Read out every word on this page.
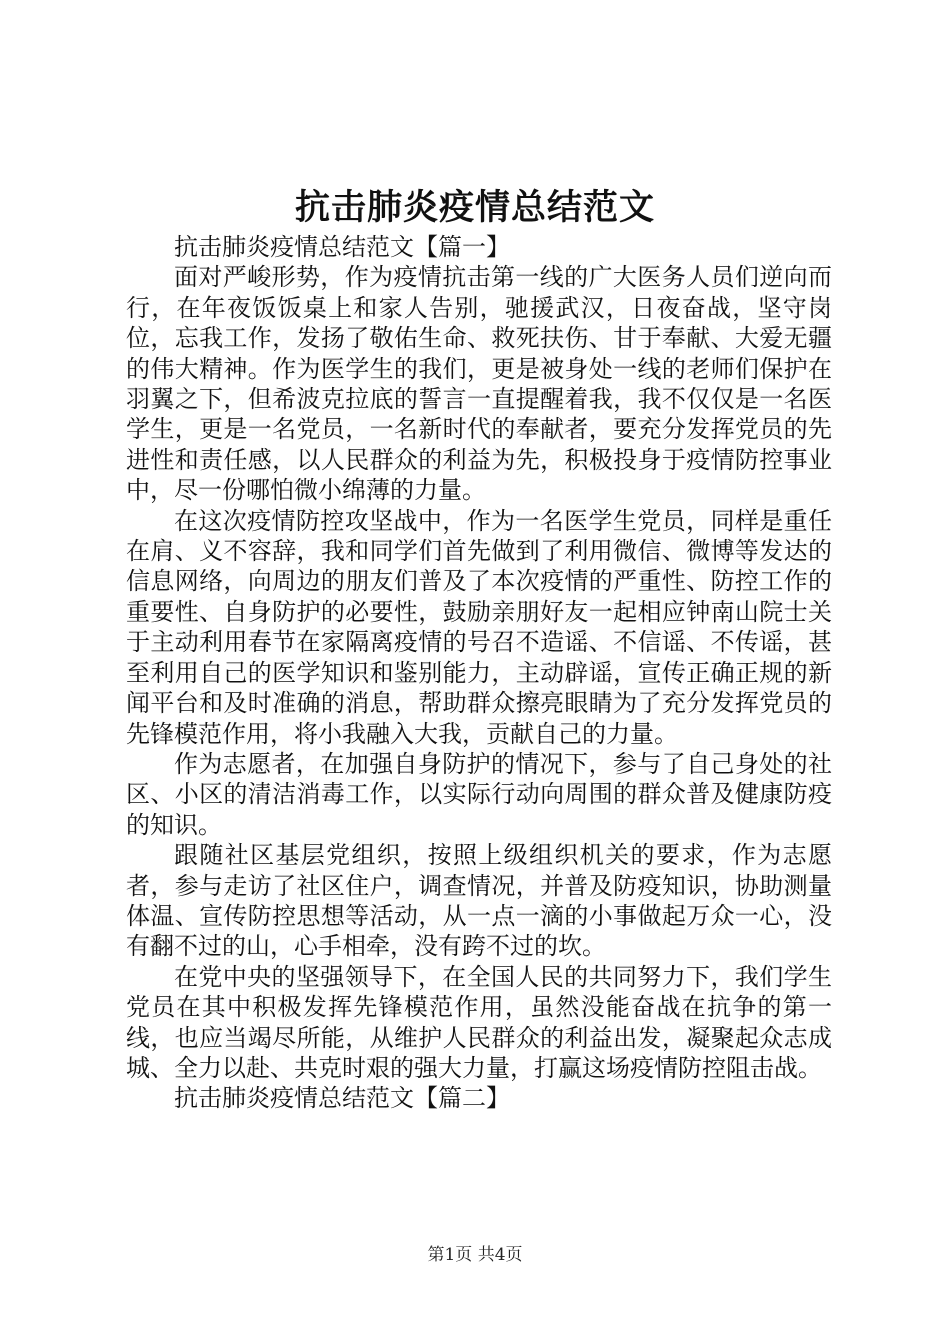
抗击肺炎疫情总结范文

抗击肺炎疫情总结范文【篇一】

面对严峻形势，作为疫情抗击第一线的广大医务人员们逆向而行，在年夜饭饭桌上和家人告别，驰援武汉，日夜奋战，坚守岗位，忘我工作，发扬了敬佑生命、救死扶伤、甘于奉献、大爱无疆的伟大精神。作为医学生的我们，更是被身处一线的老师们保护在羽翼之下，但希波克拉底的誓言一直提醒着我，我不仅仅是一名医学生，更是一名党员，一名新时代的奉献者，要充分发挥党员的先进性和责任感，以人民群众的利益为先，积极投身于疫情防控事业中，尽一份哪怕微小绵薄的力量。

在这次疫情防控攻坚战中，作为一名医学生党员，同样是重任在肩、义不容辞，我和同学们首先做到了利用微信、微博等发达的信息网络，向周边的朋友们普及了本次疫情的严重性、防控工作的重要性、自身防护的必要性，鼓励亲朋好友一起相应钟南山院士关于主动利用春节在家隔离疫情的号召不造谣、不信谣、不传谣，甚至利用自己的医学知识和鉴别能力，主动辟谣，宣传正确正规的新闻平台和及时准确的消息，帮助群众擦亮眼睛为了充分发挥党员的先锋模范作用，将小我融入大我，贡献自己的力量。

作为志愿者，在加强自身防护的情况下，参与了自己身处的社区、小区的清洁消毒工作，以实际行动向周围的群众普及健康防疫的知识。

跟随社区基层党组织，按照上级组织机关的要求，作为志愿者，参与走访了社区住户，调查情况，并普及防疫知识，协助测量体温、宣传防控思想等活动，从一点一滴的小事做起万众一心，没有翻不过的山，心手相牵，没有跨不过的坎。

在党中央的坚强领导下，在全国人民的共同努力下，我们学生党员在其中积极发挥先锋模范作用，虽然没能奋战在抗争的第一线，也应当竭尽所能，从维护人民群众的利益出发，凝聚起众志成城、全力以赴、共克时艰的强大力量，打赢这场疫情防控阻击战。

抗击肺炎疫情总结范文【篇二】

第1页 共4页
